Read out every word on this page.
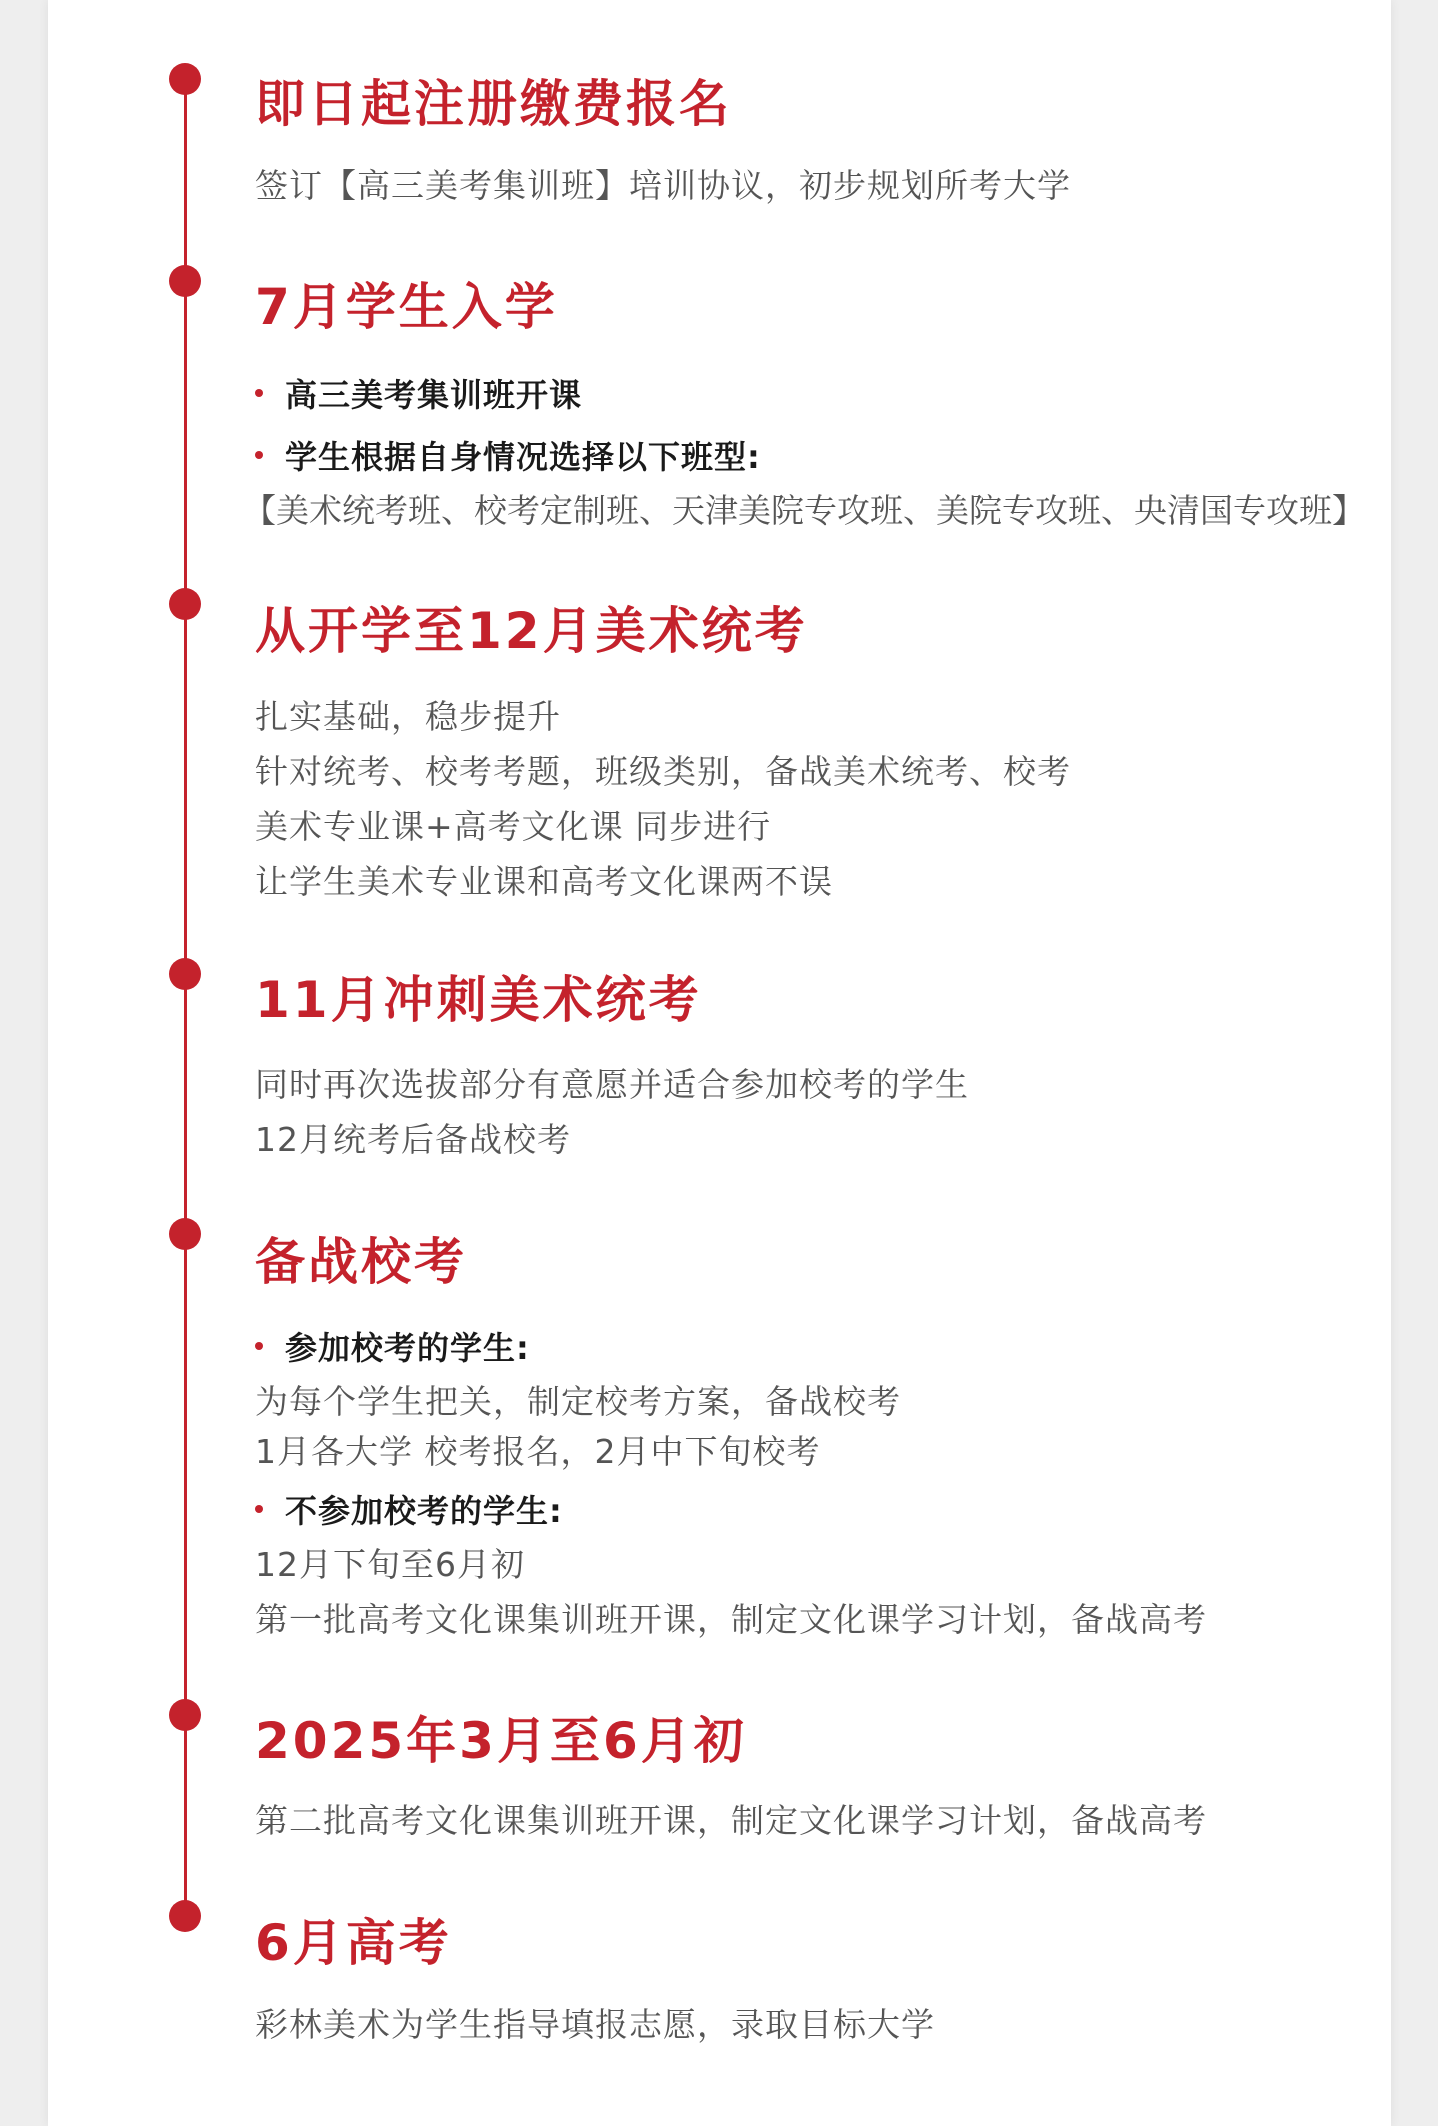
即日起注册缴费报名

签订【高三美考集训班】培训协议，初步规划所考大学

7月学生入学

高三美考集训班开课

学生根据自身情况选择以下班型:

【美术统考班、校考定制班、天津美院专攻班、美院专攻班、央清国专攻班】

从开学至12月美术统考

扎实基础，稳步提升

针对统考、校考考题，班级类别，备战美术统考、校考

美术专业课+高考文化课 同步进行

让学生美术专业课和高考文化课两不误

11月冲刺美术统考

同时再次选拔部分有意愿并适合参加校考的学生

12月统考后备战校考

备战校考

参加校考的学生:

为每个学生把关，制定校考方案，备战校考

1月各大学 校考报名，2月中下旬校考

不参加校考的学生:

12月下旬至6月初

第一批高考文化课集训班开课，制定文化课学习计划，备战高考

2025年3月至6月初

第二批高考文化课集训班开课，制定文化课学习计划，备战高考

6月高考

彩林美术为学生指导填报志愿，录取目标大学
